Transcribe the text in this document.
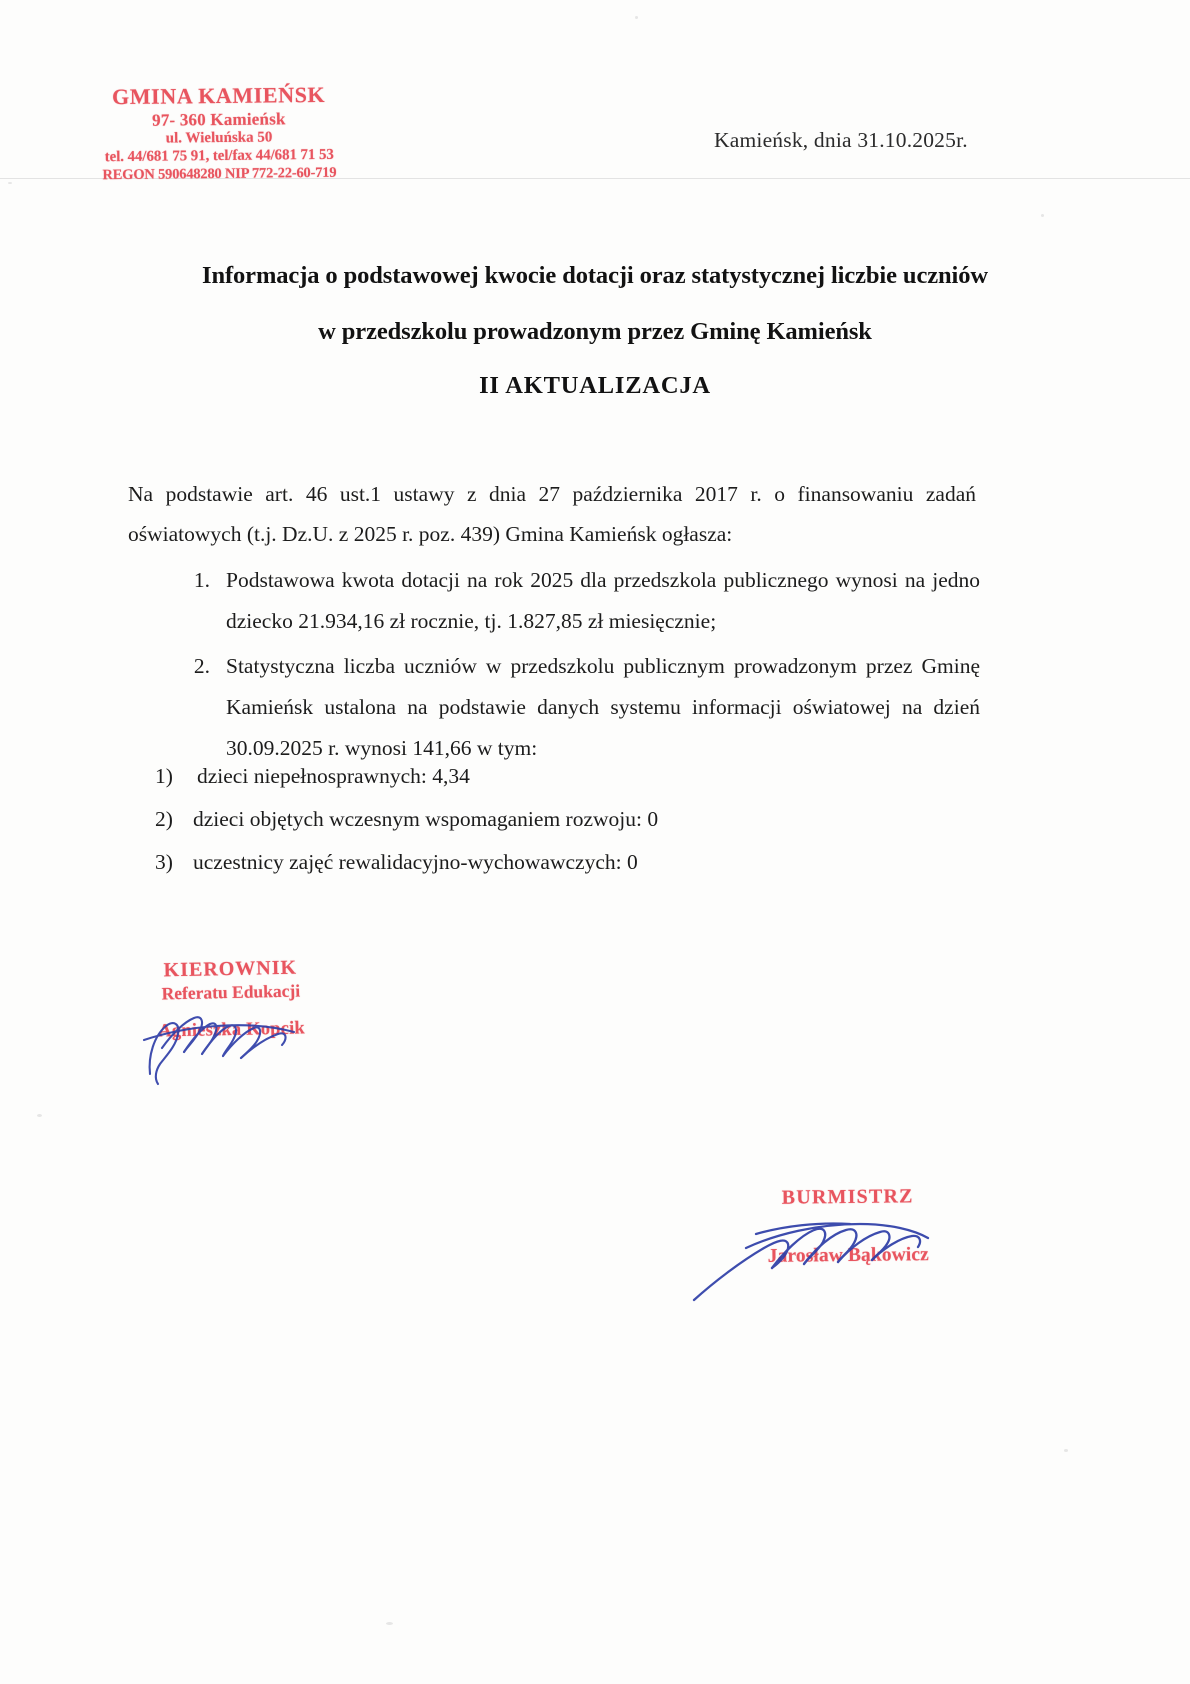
GMINA KAMIEŃSK
97- 360 Kamieńsk
ul. Wieluńska 50
tel. 44/681 75 91, tel/fax 44/681 71 53
REGON 590648280 NIP 772-22-60-719
Kamieńsk, dnia 31.10.2025r.
Informacja o podstawowej kwocie dotacji oraz statystycznej liczbie uczniów
w przedszkolu prowadzonym przez Gminę Kamieńsk
II AKTUALIZACJA
Na podstawie art. 46 ust.1 ustawy z dnia 27 października 2017 r. o finansowaniu zadań oświatowych (t.j. Dz.U. z 2025 r. poz. 439) Gmina Kamieńsk ogłasza:
1. Podstawowa kwota dotacji na rok 2025 dla przedszkola publicznego wynosi na jedno dziecko 21.934,16 zł rocznie, tj. 1.827,85 zł miesięcznie;
2. Statystyczna liczba uczniów w przedszkolu publicznym prowadzonym przez Gminę Kamieńsk ustalona na podstawie danych systemu informacji oświatowej na dzień 30.09.2025 r. wynosi 141,66 w tym:
1) dzieci niepełnosprawnych: 4,34
2) dzieci objętych wczesnym wspomaganiem rozwoju: 0
3) uczestnicy zajęć rewalidacyjno-wychowawczych: 0
KIEROWNIK
Referatu Edukacji
Agnieszka Kopcik
BURMISTRZ
Jarosław Bąkowicz
